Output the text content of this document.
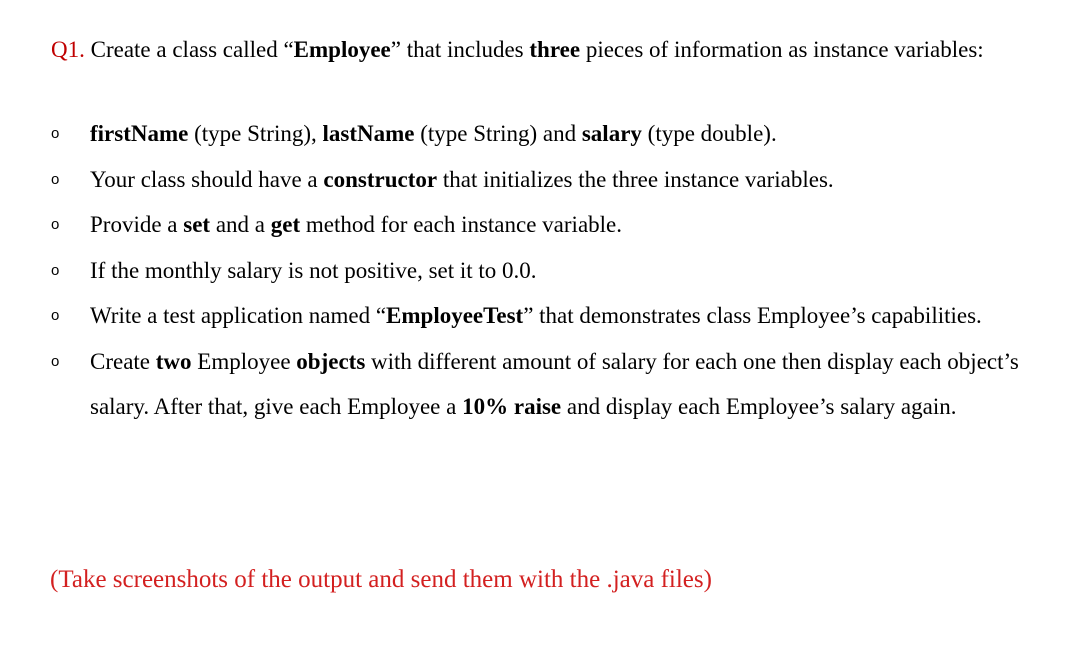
Q1. Create a class called “Employee” that includes three pieces of information as instance variables:
o firstName (type String), lastName (type String) and salary (type double).
o Your class should have a constructor that initializes the three instance variables.
o Provide a set and a get method for each instance variable.
o If the monthly salary is not positive, set it to 0.0.
o Write a test application named “EmployeeTest” that demonstrates class Employee’s capabilities.
o Create two Employee objects with different amount of salary for each one then display each object’s salary. After that, give each Employee a 10% raise and display each Employee’s salary again.
(Take screenshots of the output and send them with the .java files)
